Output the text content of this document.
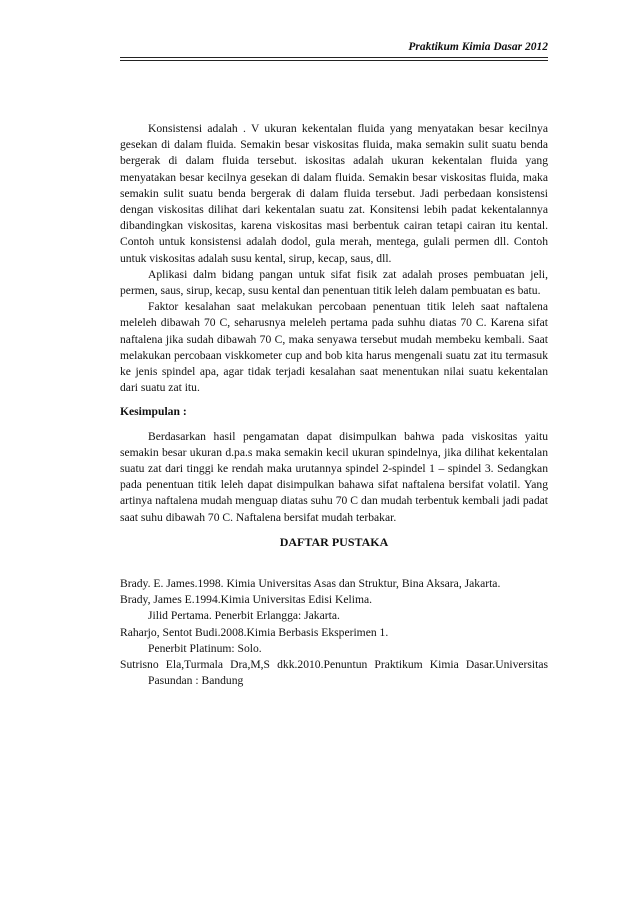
Praktikum Kimia Dasar 2012

Konsistensi adalah . V ukuran kekentalan fluida yang menyatakan besar kecilnya gesekan di dalam fluida. Semakin besar viskositas fluida, maka semakin sulit suatu benda bergerak di dalam fluida tersebut. iskositas adalah ukuran kekentalan fluida yang menyatakan besar kecilnya gesekan di dalam fluida. Semakin besar viskositas fluida, maka semakin sulit suatu benda bergerak di dalam fluida tersebut. Jadi perbedaan konsistensi dengan viskositas dilihat dari kekentalan suatu zat. Konsitensi lebih padat kekentalannya dibandingkan viskositas, karena viskositas masi berbentuk cairan tetapi cairan itu kental. Contoh untuk konsistensi adalah dodol, gula merah, mentega, gulali permen dll. Contoh untuk viskositas adalah susu kental, sirup, kecap, saus, dll.

Aplikasi dalm bidang pangan untuk sifat fisik zat adalah proses pembuatan jeli, permen, saus, sirup, kecap, susu kental dan penentuan titik leleh dalam pembuatan es batu.

Faktor kesalahan saat melakukan percobaan penentuan titik leleh saat naftalena meleleh dibawah 70 C, seharusnya meleleh pertama pada suhhu diatas 70 C. Karena sifat naftalena jika sudah dibawah 70 C, maka senyawa tersebut mudah membeku kembali. Saat melakukan percobaan viskkometer cup and bob kita harus mengenali suatu zat itu termasuk ke jenis spindel apa, agar tidak terjadi kesalahan saat menentukan nilai suatu kekentalan dari suatu zat itu.

Kesimpulan :

Berdasarkan hasil pengamatan dapat disimpulkan bahwa pada viskositas yaitu semakin besar ukuran d.pa.s maka semakin kecil ukuran spindelnya, jika dilihat kekentalan suatu zat dari tinggi ke rendah maka urutannya spindel 2-spindel 1 – spindel 3. Sedangkan pada penentuan titik leleh dapat disimpulkan bahawa sifat naftalena bersifat volatil. Yang artinya naftalena mudah menguap diatas suhu 70 C dan mudah terbentuk kembali jadi padat saat suhu dibawah 70 C. Naftalena bersifat mudah terbakar.

DAFTAR PUSTAKA
Brady. E. James.1998. Kimia Universitas Asas dan Struktur, Bina Aksara, Jakarta.
Brady, James E.1994.Kimia Universitas Edisi Kelima.
Jilid Pertama. Penerbit Erlangga: Jakarta.
Raharjo, Sentot Budi.2008.Kimia Berbasis Eksperimen 1.
Penerbit Platinum: Solo.
Sutrisno Ela,Turmala Dra,M,S dkk.2010.Penuntun Praktikum Kimia Dasar.Universitas Pasundan : Bandung
